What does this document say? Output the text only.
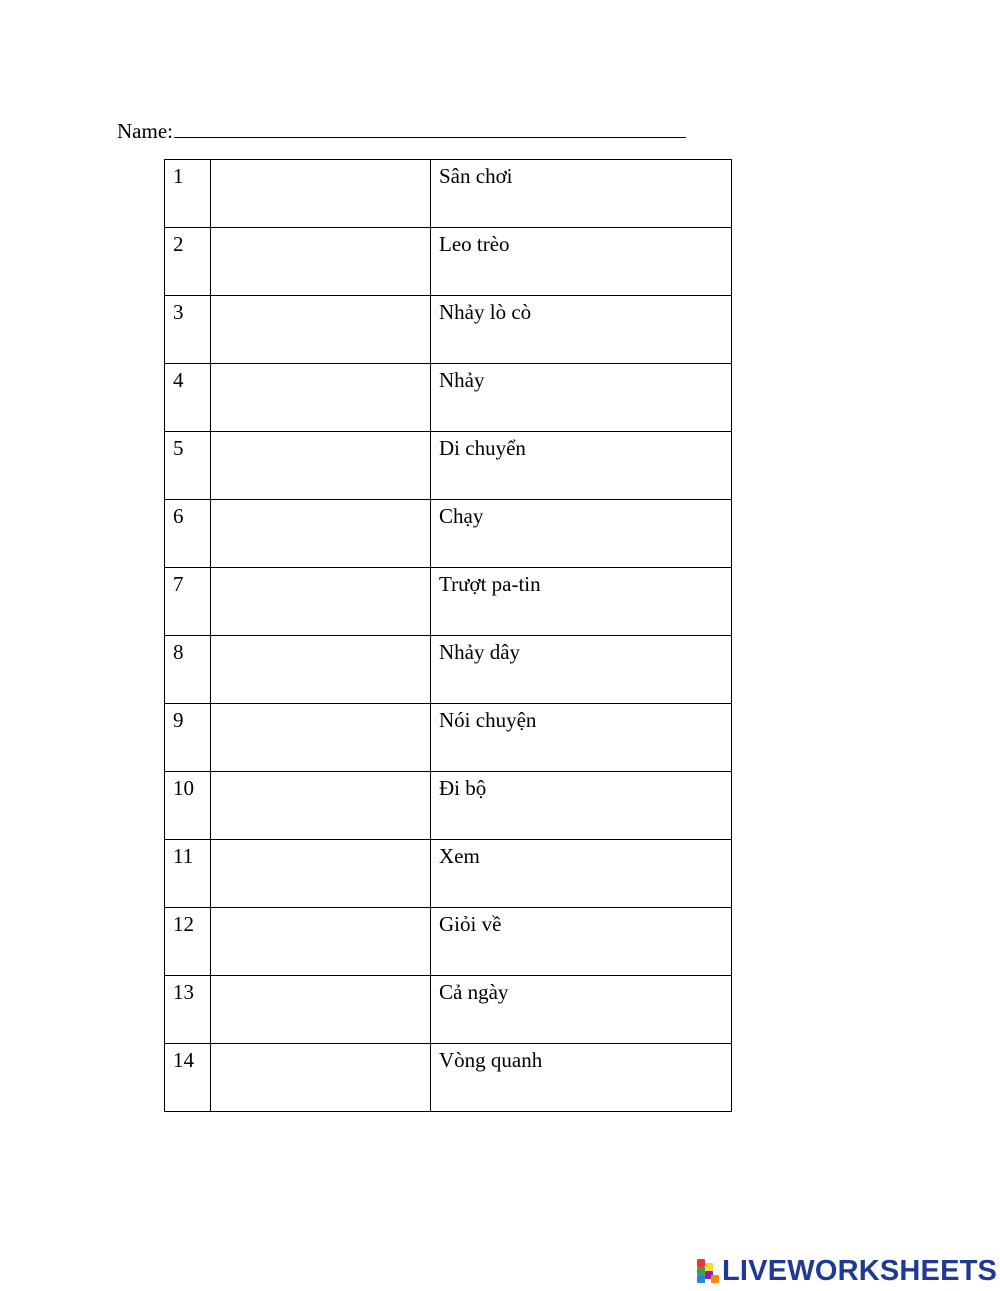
Name:
1		Sân chơi

2		Leo trèo

3		Nhảy lò cò

4		Nhảy

5		Di chuyển

6		Chạy

7		Trượt pa-tin

8		Nhảy dây

9		Nói chuyện

10		Đi bộ

11		Xem

12		Giỏi về

13		Cả ngày

14		Vòng quanh
LIVEWORKSHEETS
